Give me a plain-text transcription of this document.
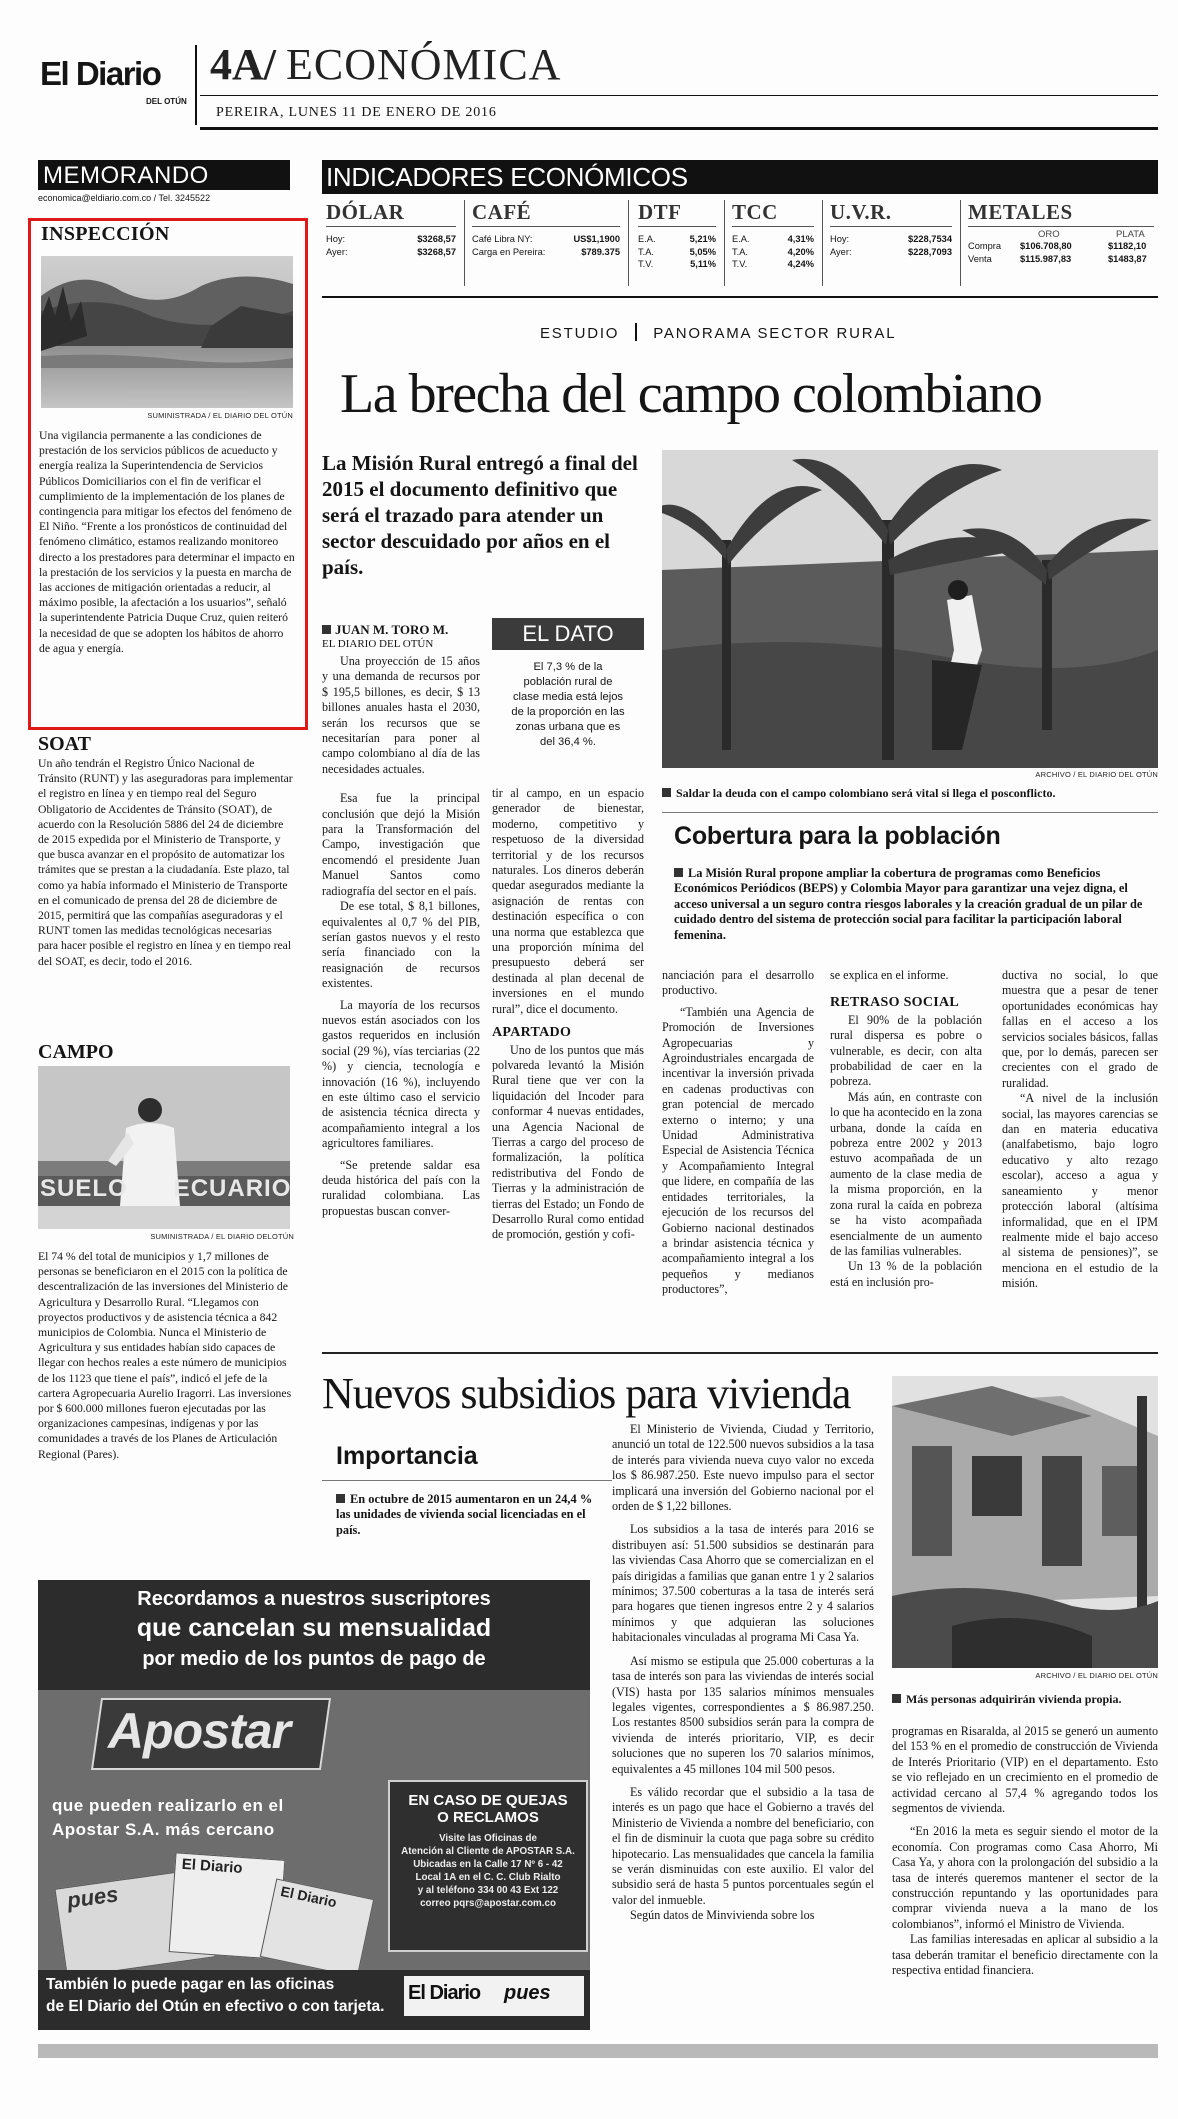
El Diario
DEL OTÚN
4A/ ECONÓMICA
PEREIRA, LUNES 11 DE ENERO DE 2016
MEMORANDO
economica@eldiario.com.co / Tel. 3245522
INSPECCIÓN
SUMINISTRADA / EL DIARIO DEL OTÚN
Una vigilancia permanente a las condiciones de prestación de los servicios públicos de acueducto y energía realiza la Superintendencia de Servicios Públicos Domiciliarios con el fin de verificar el cumplimiento de la implementación de los planes de contingencia para mitigar los efectos del fenómeno de El Niño. “Frente a los pronósticos de continuidad del fenómeno climático, estamos realizando monitoreo directo a los prestadores para determinar el impacto en la prestación de los servicios y la puesta en marcha de las acciones de mitigación orientadas a reducir, al máximo posible, la afectación a los usuarios”, señaló la superintendente Patricia Duque Cruz, quien reiteró la necesidad de que se adopten los hábitos de ahorro de agua y energía.
SOAT
Un año tendrán el Registro Único Nacional de Tránsito (RUNT) y las aseguradoras para implementar el registro en línea y en tiempo real del Seguro Obligatorio de Accidentes de Tránsito (SOAT), de acuerdo con la Resolución 5886 del 24 de diciembre de 2015 expedida por el Ministerio de Transporte, y que busca avanzar en el propósito de automatizar los trámites que se prestan a la ciudadanía. Este plazo, tal como ya había informado el Ministerio de Transporte en el comunicado de prensa del 28 de diciembre de 2015, permitirá que las compañías aseguradoras y el RUNT tomen las medidas tecnológicas necesarias para hacer posible el registro en línea y en tiempo real del SOAT, es decir, todo el 2016.
CAMPO
SUELO      ECUARIO
SUMINISTRADA / EL DIARIO DELOTÚN
El 74 % del total de municipios y 1,7 millones de personas se beneficiaron en el 2015 con la política de descentralización de las inversiones del Ministerio de Agricultura y Desarrollo Rural. “Llegamos con proyectos productivos y de asistencia técnica a 842 municipios de Colombia. Nunca el Ministerio de Agricultura y sus entidades habían sido capaces de llegar con hechos reales a este número de municipios de los 1123 que tiene el país”, indicó el jefe de la cartera Agropecuaria Aurelio Iragorri. Las inversiones por $ 600.000 millones fueron ejecutadas por las organizaciones campesinas, indígenas y por las comunidades a través de los Planes de Articulación Regional (Pares).
INDICADORES ECONÓMICOS
DÓLAR
Hoy:	$3268,57
Ayer:	$3268,57
CAFÉ
Café Libra NY:	US$1,1900
Carga en Pereira:	$789.375
DTF
E.A.	5,21%
T.A.	5,05%
T.V.	5,11%
TCC
E.A.	4,31%
T.A.	4,20%
T.V.	4,24%
U.V.R.
Hoy:	$228,7534
Ayer:	$228,7093
METALES
ORO	PLATA
Compra	$106.708,80	$1182,10
Venta	$115.987,83	$1483,87
ESTUDIO PANORAMA SECTOR RURAL
La brecha del campo colombiano
La Misión Rural entregó a final del 2015 el documento definitivo que será el trazado para atender un sector descuidado por años en el país.
JUAN M. TORO M.
EL DIARIO DEL OTÚN	EL DATO
El 7,3 % de la población rural de clase media está lejos de la proporción en las zonas urbana que es del 36,4 %.

Una proyección de 15 años y una demanda de recursos por $ 195,5 billones, es decir, $ 13 billones anuales hasta el 2030, serán los recursos que se necesitarían para poner al campo colombiano al día de las necesidades actuales.

Esa fue la principal conclusión que dejó la Misión para la Transformación del Campo, investigación que encomendó el presidente Juan Manuel Santos como radiografía del sector en el país.

De ese total, $ 8,1 billones, equivalentes al 0,7 % del PIB, serían gastos nuevos y el resto sería financiado con la reasignación de recursos existentes.

La mayoría de los recursos nuevos están asociados con los gastos requeridos en inclusión social (29 %), vías terciarias (22 %) y ciencia, tecnología e innovación (16 %), incluyendo en este último caso el servicio de asistencia técnica directa y acompañamiento integral a los agricultores familiares.

“Se pretende saldar esa deuda histórica del país con la ruralidad colombiana. Las propuestas buscan conver-

tir al campo, en un espacio generador de bienestar, moderno, competitivo y respetuoso de la diversidad territorial y de los recursos naturales. Los dineros deberán quedar asegurados mediante la asignación de rentas con destinación específica o con una norma que establezca que una proporción mínima del presupuesto deberá ser destinada al plan decenal de inversiones en el mundo rural”, dice el documento.

APARTADO

Uno de los puntos que más polvareda levantó la Misión Rural tiene que ver con la liquidación del Incoder para conformar 4 nuevas entidades, una Agencia Nacional de Tierras a cargo del proceso de formalización, la política redistributiva del Fondo de Tierras y la administración de tierras del Estado; un Fondo de Desarrollo Rural como entidad de promoción, gestión y cofi-

ARCHIVO / EL DIARIO DEL OTÚN
Saldar la deuda con el campo colombiano será vital si llega el posconflicto.
Cobertura para la población
La Misión Rural propone ampliar la cobertura de programas como Beneficios Económicos Periódicos (BEPS) y Colombia Mayor para garantizar una vejez digna, el acceso universal a un seguro contra riesgos laborales y la creación gradual de un pilar de cuidado dentro del sistema de protección social para facilitar la participación laboral femenina.

nanciación para el desarrollo productivo.

“También una Agencia de Promoción de Inversiones Agropecuarias y Agroindustriales encargada de incentivar la inversión privada en cadenas productivas con gran potencial de mercado externo o interno; y una Unidad Administrativa Especial de Asistencia Técnica y Acompañamiento Integral que lidere, en compañía de las entidades territoriales, la ejecución de los recursos del Gobierno nacional destinados a brindar asistencia técnica y acompañamiento integral a los pequeños y medianos productores”,

se explica en el informe.

RETRASO SOCIAL

El 90% de la población rural dispersa es pobre o vulnerable, es decir, con alta probabilidad de caer en la pobreza.

Más aún, en contraste con lo que ha acontecido en la zona urbana, donde la caída en pobreza entre 2002 y 2013 estuvo acompañada de un aumento de la clase media de la misma proporción, en la zona rural la caída en pobreza se ha visto acompañada esencialmente de un aumento de las familias vulnerables.

Un 13 % de la población está en inclusión pro-

ductiva no social, lo que muestra que a pesar de tener oportunidades económicas hay fallas en el acceso a los servicios sociales básicos, fallas que, por lo demás, parecen ser crecientes con el grado de ruralidad.

“A nivel de la inclusión social, las mayores carencias se dan en materia educativa (analfabetismo, bajo logro educativo y alto rezago escolar), acceso a agua y saneamiento y menor protección laboral (altísima informalidad, que en el IPM realmente mide el bajo acceso al sistema de pensiones)”, se menciona en el estudio de la misión.

Nuevos subsidios para vivienda
Importancia
En octubre de 2015 aumentaron en un 24,4 % las unidades de vivienda social licenciadas en el país.

El Ministerio de Vivienda, Ciudad y Territorio, anunció un total de 122.500 nuevos subsidios a la tasa de interés para vivienda nueva cuyo valor no exceda los $ 86.987.250. Este nuevo impulso para el sector implicará una inversión del Gobierno nacional por el orden de $ 1,22 billones.

Los subsidios a la tasa de interés para 2016 se distribuyen así: 51.500 subsidios se destinarán para las viviendas Casa Ahorro que se comercializan en el país dirigidas a familias que ganan entre 1 y 2 salarios mínimos; 37.500 coberturas a la tasa de interés será para hogares que tienen ingresos entre 2 y 4 salarios mínimos y que adquieran las soluciones habitacionales vinculadas al programa Mi Casa Ya.

Así mismo se estipula que 25.000 coberturas a la tasa de interés son para las viviendas de interés social (VIS) hasta por 135 salarios mínimos mensuales legales vigentes, correspondientes a $ 86.987.250. Los restantes 8500 subsidios serán para la compra de vivienda de interés prioritario, VIP, es decir soluciones que no superen los 70 salarios mínimos, equivalentes a 45 millones 104 mil 500 pesos.

Es válido recordar que el subsidio a la tasa de interés es un pago que hace el Gobierno a través del Ministerio de Vivienda a nombre del beneficiario, con el fin de disminuir la cuota que paga sobre su crédito hipotecario. Las mensualidades que cancela la familia se verán disminuidas con este auxilio. El valor del subsidio será de hasta 5 puntos porcentuales según el valor del inmueble.

Según datos de Minvivienda sobre los

ARCHIVO / EL DIARIO DEL OTÚN
Más personas adquirirán vivienda propia.

programas en Risaralda, al 2015 se generó un aumento del 153 % en el promedio de construcción de Vivienda de Interés Prioritario (VIP) en el departamento. Esto se vio reflejado en un crecimiento en el promedio de actividad cercano al 57,4 % agregando todos los segmentos de vivienda.

“En 2016 la meta es seguir siendo el motor de la economía. Con programas como Casa Ahorro, Mi Casa Ya, y ahora con la prolongación del subsidio a la tasa de interés queremos mantener el sector de la construcción repuntando y las oportunidades para comprar vivienda nueva a la mano de los colombianos”, informó el Ministro de Vivienda.

Las familias interesadas en aplicar al subsidio a la tasa deberán tramitar el beneficio directamente con la respectiva entidad financiera.

Recordamos a nuestros suscriptores
que cancelan su mensualidad
por medio de los puntos de pago de
Apostar
que pueden realizarlo en el
Apostar S.A. más cercano
EN CASO DE QUEJAS
O RECLAMOS
Visite las Oficinas de
Atención al Cliente de APOSTAR S.A.
Ubicadas en la Calle 17 Nº 6 - 42
Local 1A en el C. C. Club Rialto
y al teléfono 334 00 43 Ext 122
correo pqrs@apostar.com.co
pues
El Diario
El Diario
También lo puede pagar en las oficinas
de El Diario del Otún en efectivo o con tarjeta.
El Diario pues
